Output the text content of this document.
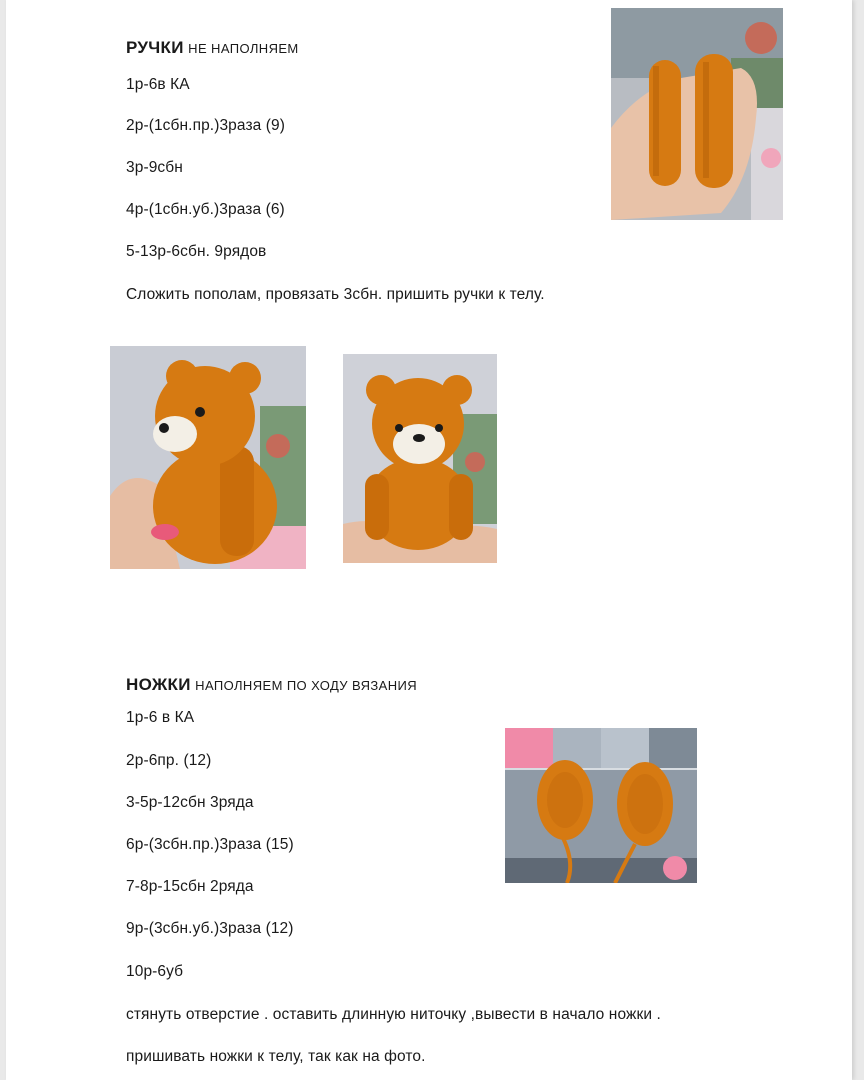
РУЧКИ НЕ НАПОЛНЯЕМ
1р-6в КА
2р-(1сбн.пр.)3раза (9)
3р-9сбн
4р-(1сбн.уб.)3раза (6)
5-13р-6сбн. 9рядов
Сложить пополам, провязать 3сбн. пришить ручки к телу.
НОЖКИ НАПОЛНЯЕМ ПО ХОДУ ВЯЗАНИЯ
1р-6 в КА
2р-6пр. (12)
3-5р-12сбн 3ряда
6р-(3сбн.пр.)3раза (15)
7-8р-15сбн 2ряда
9р-(3сбн.уб.)3раза (12)
10р-6уб
стянуть отверстие . оставить длинную ниточку ,вывести в начало ножки .
пришивать ножки к телу, так как на фото.
